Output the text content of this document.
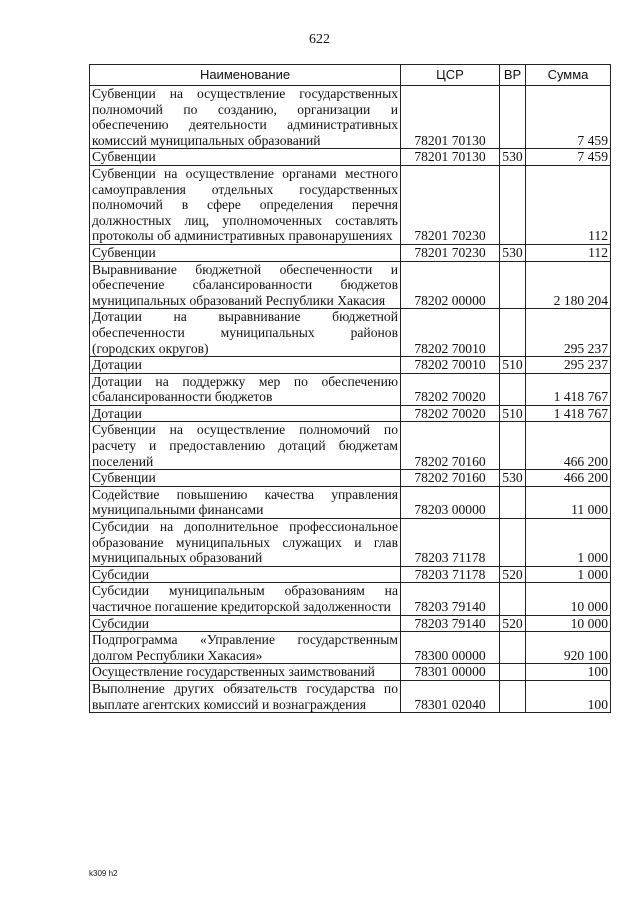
622
Наименование	ЦСР	ВР	Сумма
Субвенции на осуществление государственных полномочий по созданию, организации и обеспечению деятельности административных комиссий муниципальных образований	78201 70130		7 459
Субвенции	78201 70130	530	7 459
Субвенции на осуществление органами местного самоуправления отдельных государственных полномочий в сфере определения перечня должностных лиц, уполномоченных составлять протоколы об административных правонарушениях	78201 70230		112
Субвенции	78201 70230	530	112
Выравнивание бюджетной обеспеченности и обеспечение сбалансированности бюджетов муниципальных образований Республики Хакасия	78202 00000		2 180 204
Дотации на выравнивание бюджетной обеспеченности муниципальных районов (городских округов)	78202 70010		295 237
Дотации	78202 70010	510	295 237
Дотации на поддержку мер по обеспечению сбалансированности бюджетов	78202 70020		1 418 767
Дотации	78202 70020	510	1 418 767
Субвенции на осуществление полномочий по расчету и предоставлению дотаций бюджетам поселений	78202 70160		466 200
Субвенции	78202 70160	530	466 200
Содействие повышению качества управления муниципальными финансами	78203 00000		11 000
Субсидии на дополнительное профессиональное образование муниципальных служащих и глав муниципальных образований	78203 71178		1 000
Субсидии	78203 71178	520	1 000
Субсидии муниципальным образованиям на частичное погашение кредиторской задолженности	78203 79140		10 000
Субсидии	78203 79140	520	10 000
Подпрограмма «Управление государственным долгом Республики Хакасия»	78300 00000		920 100
Осуществление государственных заимствований	78301 00000		100
Выполнение других обязательств государства по выплате агентских комиссий и вознаграждения	78301 02040		100
k309 h2
